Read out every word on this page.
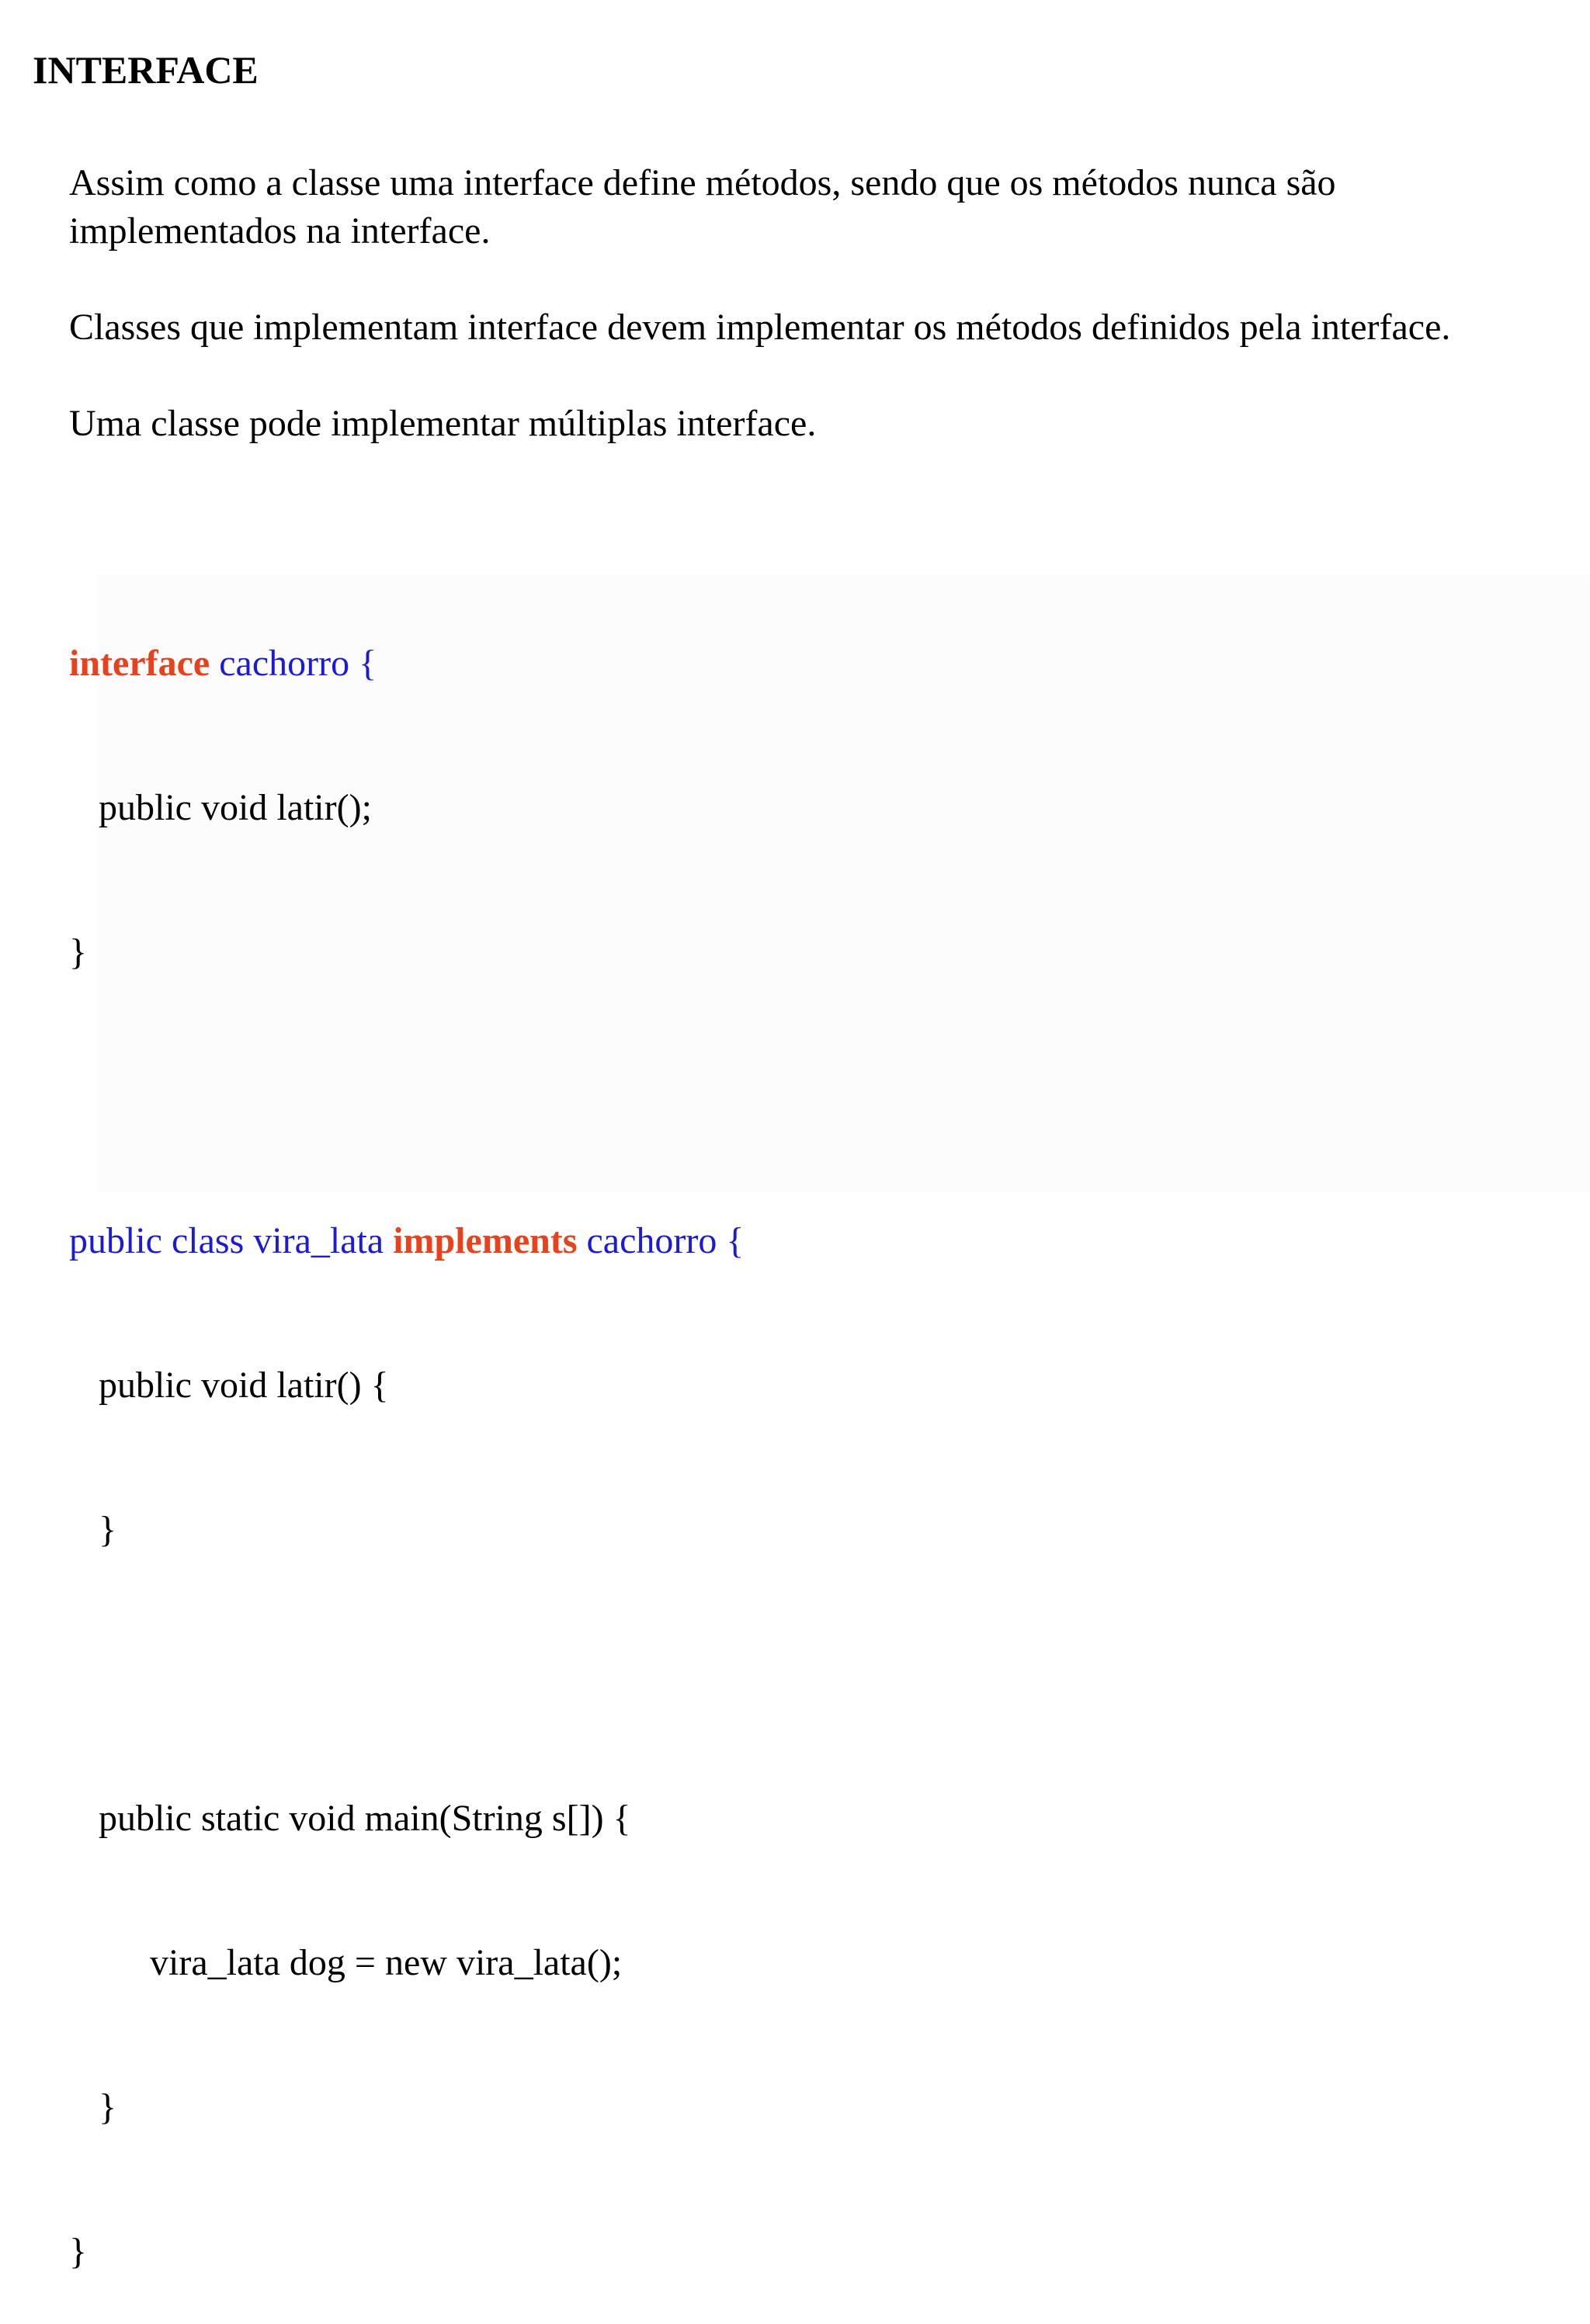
INTERFACE

Assim como a classe uma interface define métodos, sendo que os métodos nunca são
implementados na interface.

Classes que implementam interface devem implementar os métodos definidos pela interface.

Uma classe pode implementar múltiplas interface.

interface cachorro {

public void latir();

}

public class vira_lata implements cachorro {

public void latir() {

}

public static void main(String s[]) {

vira_lata dog = new vira_lata();

}

}
